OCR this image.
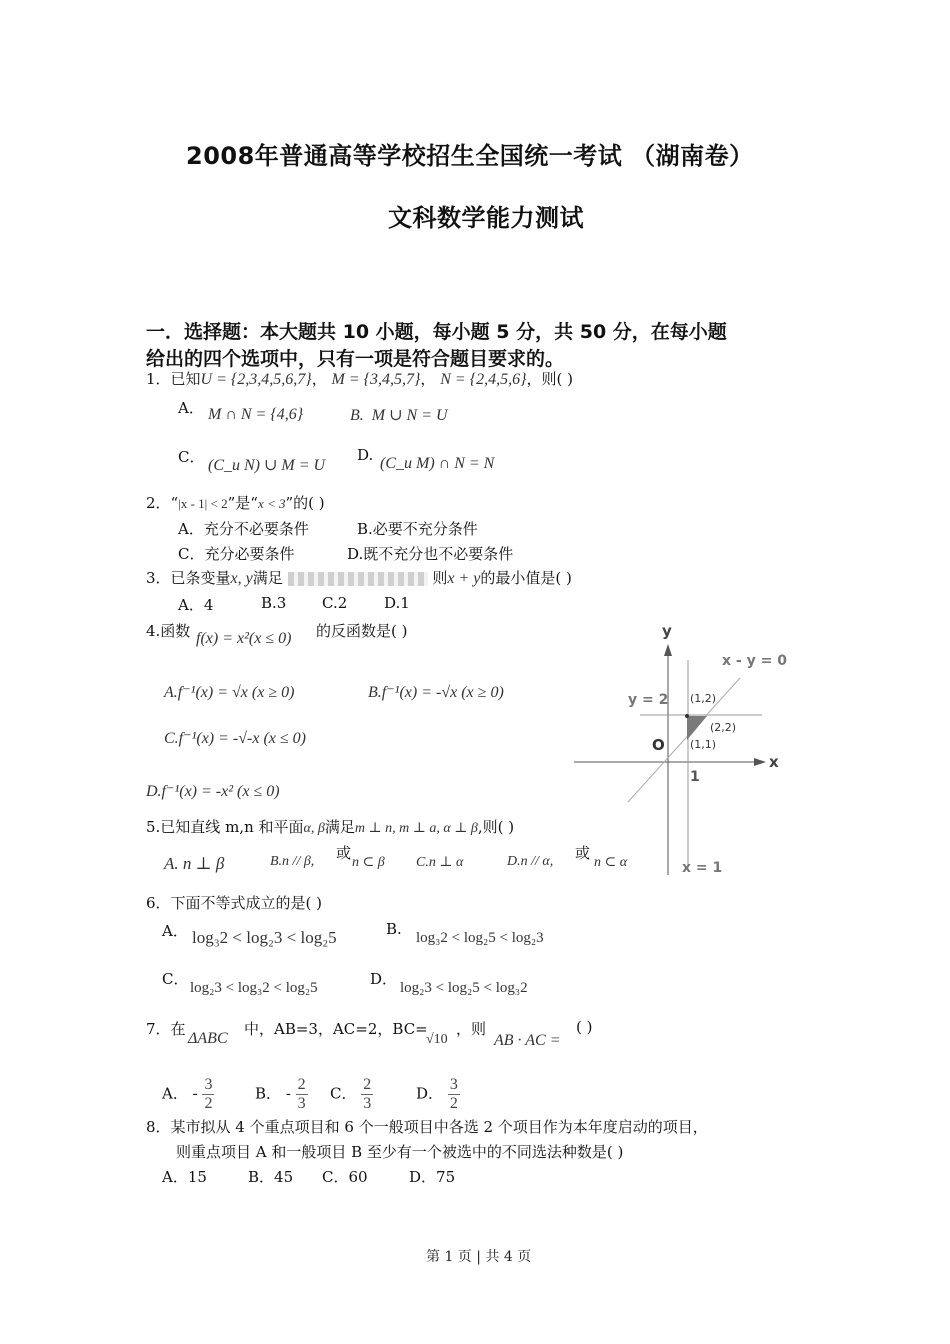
2008年普通高等学校招生全国统一考试 （湖南卷）
文科数学能力测试
一．选择题：本大题共 10 小题，每小题 5 分，共 50 分，在每小题
给出的四个选项中，只有一项是符合题目要求的。
1．已知U = {2,3,4,5,6,7}， M = {3,4,5,7}， N = {2,4,5,6}，则( )
A． M ∩ N = {4,6}	B. M ∪ N = U
C． (C_u N) ∪ M = U
D. (C_u M) ∩ N = N
2．“|x - 1| < 2”是“x < 3”的( )
A．充分不必要条件	B.必要不充分条件
C．充分必要条件	D.既不充分也不必要条件
3．已条变量x, y满足	则x + y的最小值是( )
A．4	B.3 C.2 D.1
4.函数 f(x) = x²(x ≤ 0) 的反函数是( )
A.f⁻¹(x) = √x (x ≥ 0)	B.f⁻¹(x) = -√x (x ≥ 0)
C.f⁻¹(x) = -√-x (x ≤ 0)
D.f⁻¹(x) = -x² (x ≤ 0)
5.已知直线 m,n 和平面α, β满足m ⊥ n, m ⊥ a, α ⊥ β,则( )
A. n ⊥ β	B.n // β, 或
n ⊂ β C.n ⊥ α	D.n // α, 或
n ⊂ α
6．下面不等式成立的是( )
A． log₃2 < log₂3 < log₂5	B. log₃2 < log₂5 < log₂3
C． log₂3 < log₃2 < log₂5	D． log₂3 < log₂5 < log₃2
7．在
ΔABC
中，AB=3，AC=2，BC=
√10
，则
AB · AC =
( )
A． - $\frac{3}{2}$	B． - $\frac{2}{3}$ C． $\frac{2}{3}$	D． $\frac{3}{2}$
8．某市拟从 4 个重点项目和 6 个一般项目中各选 2 个项目作为本年度启动的项目，
则重点项目 A 和一般项目 B 至少有一个被选中的不同选法种数是( )
A．15	B．45 C．60	D．75
y
x
x - y = 0
y = 2
x = 1
O
1
(1,2)
(2,2)
(1,1)
第 1 页 | 共 4 页
